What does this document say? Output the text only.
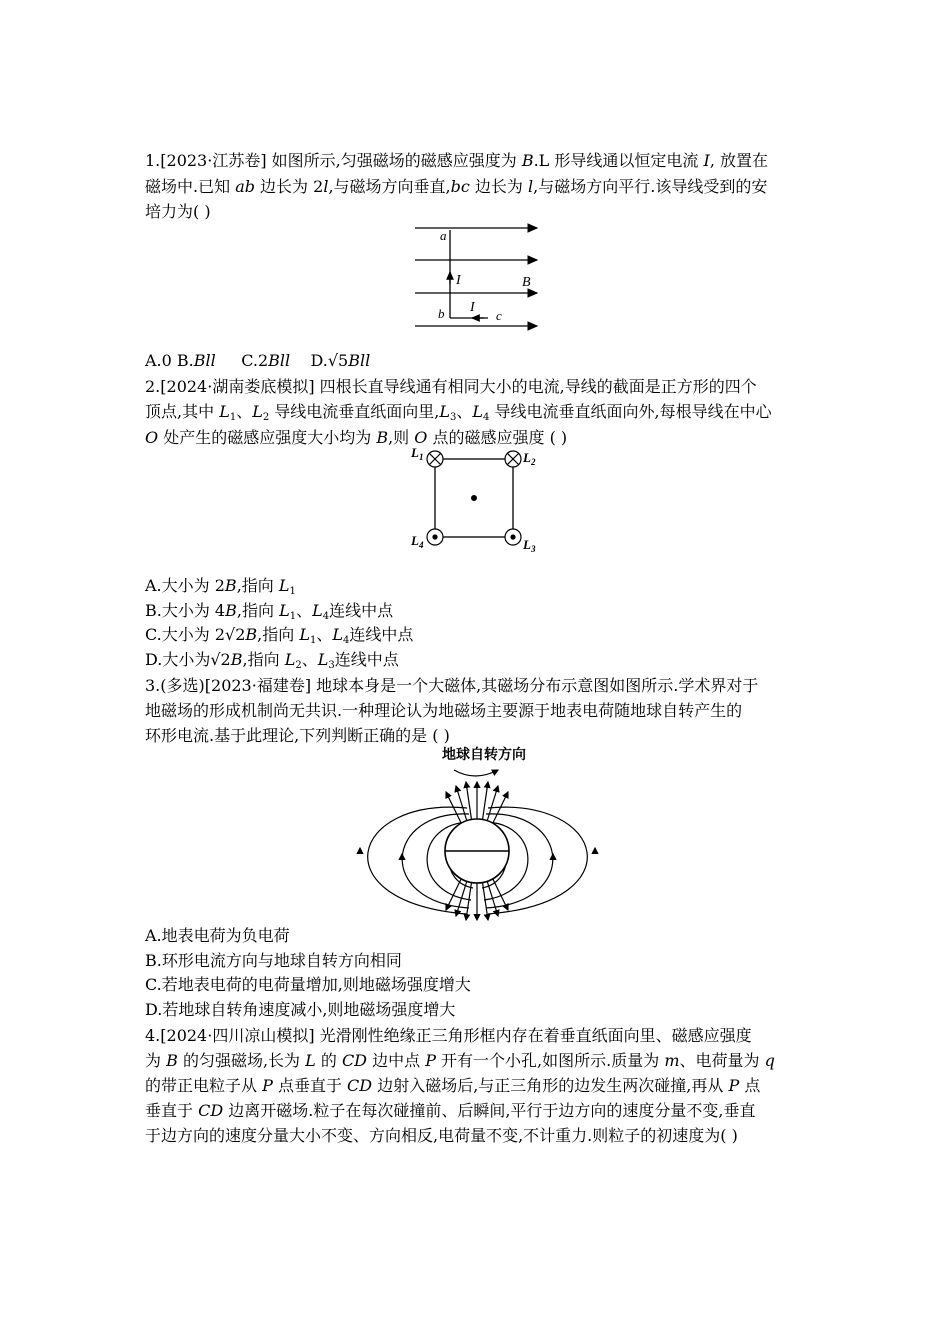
1.[2023·江苏卷] 如图所示,匀强磁场的磁感应强度为 B.L 形导线通以恒定电流 I, 放置在
磁场中.已知 ab 边长为 2l,与磁场方向垂直,bc 边长为 l,与磁场方向平行.该导线受到的安
培力为( )
a
b	c
I
I
B
A.0 B.Bll C.2Bll D.√5Bll
2.[2024·湖南娄底模拟] 四根长直导线通有相同大小的电流,导线的截面是正方形的四个
顶点,其中 $L_1$、$L_2$ 导线电流垂直纸面向里$,L_3$、$L_4$ 导线电流垂直纸面向外,每根导线在中心
O 处产生的磁感应强度大小均为 B,则 O 点的磁感应强度 ( )
$L_1$	$L_2$
$L_4$	$L_3$
A.大小为 2B,指向 $L_1$
B.大小为 4B,指向 $L_1$、$L_4$连线中点
C.大小为 2√2B,指向 $L_1$、$L_4$连线中点
D.大小为√2B,指向 $L_2$、$L_3$连线中点
3.(多选)[2023·福建卷] 地球本身是一个大磁体,其磁场分布示意图如图所示.学术界对于
地磁场的形成机制尚无共识.一种理论认为地磁场主要源于地表电荷随地球自转产生的
环形电流.基于此理论,下列判断正确的是 ( )
地球自转方向
A.地表电荷为负电荷
B.环形电流方向与地球自转方向相同
C.若地表电荷的电荷量增加,则地磁场强度增大
D.若地球自转角速度减小,则地磁场强度增大
4.[2024·四川凉山模拟] 光滑刚性绝缘正三角形框内存在着垂直纸面向里、磁感应强度
为 B 的匀强磁场,长为 L 的 CD 边中点 P 开有一个小孔,如图所示.质量为 m、电荷量为 q
的带正电粒子从 P 点垂直于 CD 边射入磁场后,与正三角形的边发生两次碰撞,再从 P 点
垂直于 CD 边离开磁场.粒子在每次碰撞前、后瞬间,平行于边方向的速度分量不变,垂直
于边方向的速度分量大小不变、方向相反,电荷量不变,不计重力.则粒子的初速度为( )
